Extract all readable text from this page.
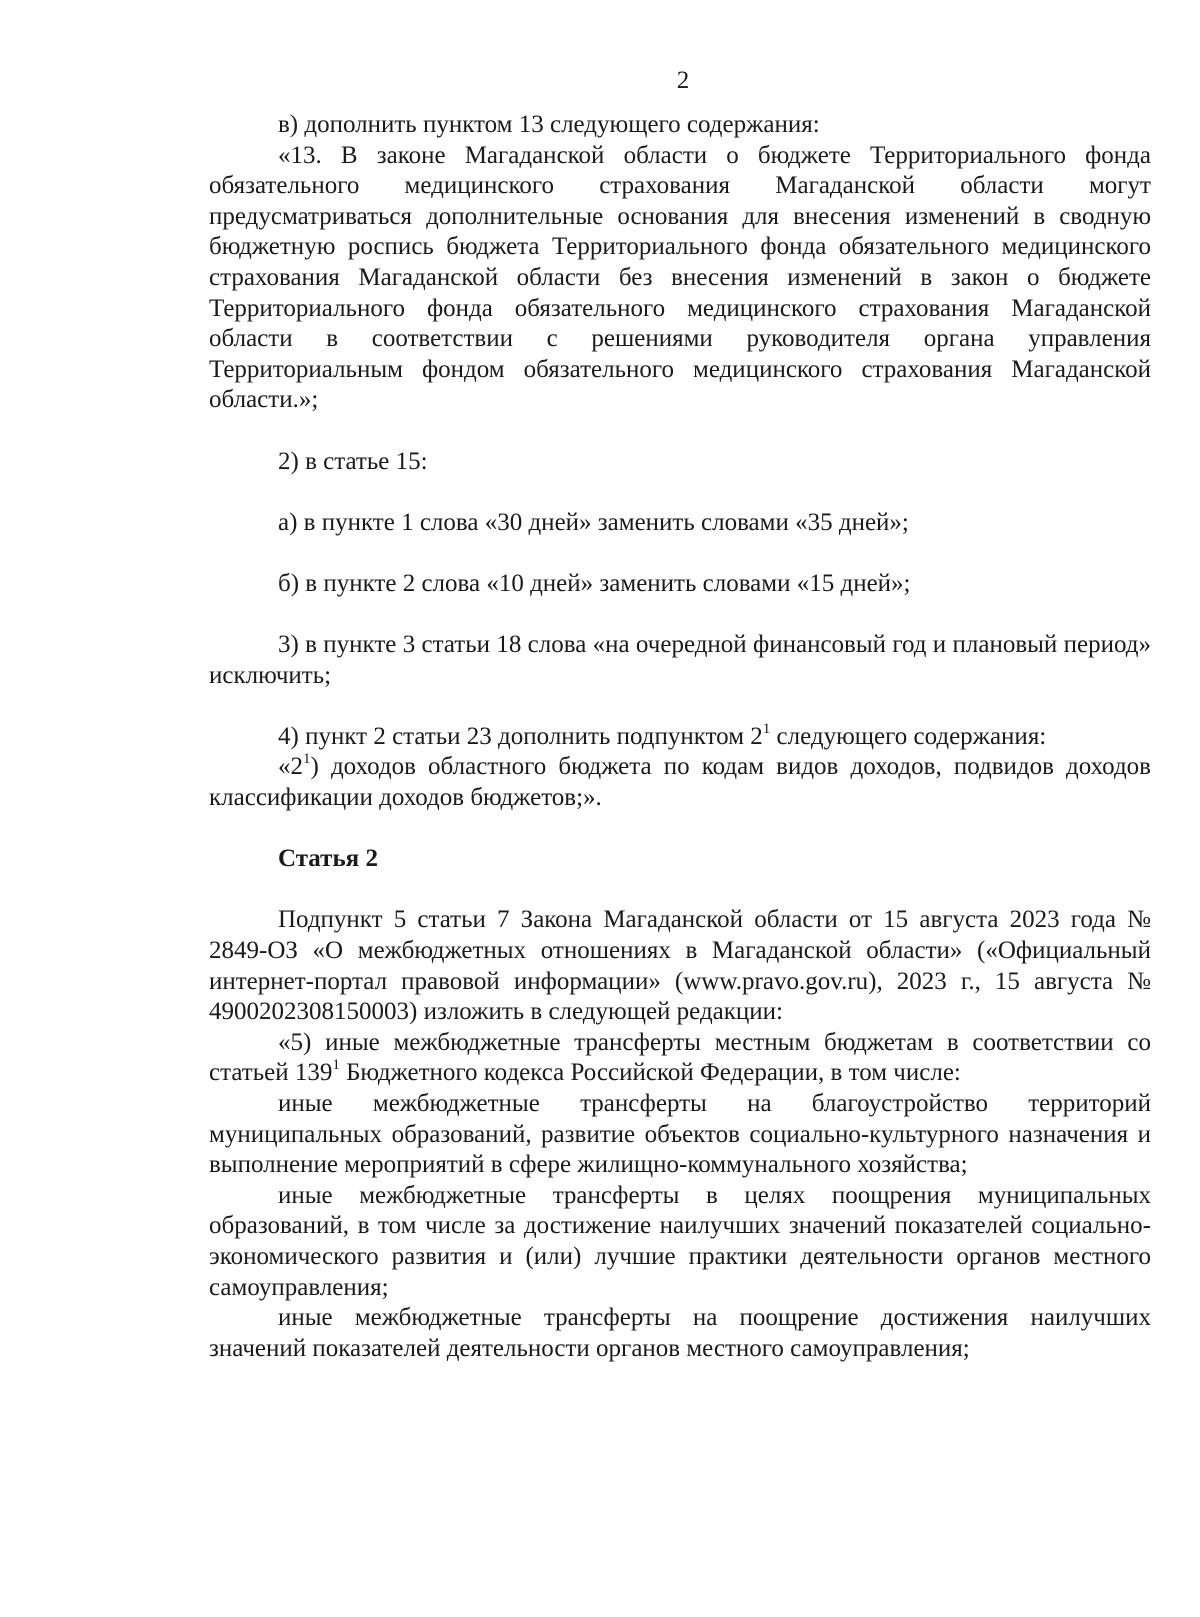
2

в) дополнить пунктом 13 следующего содержания:

«13. В законе Магаданской области о бюджете Территориального фонда обязательного медицинского страхования Магаданской области могут предусматриваться дополнительные основания для внесения изменений в сводную бюджетную роспись бюджета Территориального фонда обязательного медицинского страхования Магаданской области без внесения изменений в закон о бюджете Территориального фонда обязательного медицинского страхования Магаданской области в соответствии с решениями руководителя органа управления Территориальным фондом обязательного медицинского страхования Магаданской области.»;

2) в статье 15:

а) в пункте 1 слова «30 дней» заменить словами «35 дней»;

б) в пункте 2 слова «10 дней» заменить словами «15 дней»;

3) в пункте 3 статьи 18 слова «на очередной финансовый год и плановый период» исключить;

4) пункт 2 статьи 23 дополнить подпунктом $2^1$ следующего содержания:

«$2^1$) доходов областного бюджета по кодам видов доходов, подвидов доходов классификации доходов бюджетов;».

Статья 2

Подпункт 5 статьи 7 Закона Магаданской области от 15 августа 2023 года № 2849-ОЗ «О межбюджетных отношениях в Магаданской области» («Официальный интернет-портал правовой информации» (www.pravo.gov.ru), 2023 г., 15 августа № 4900202308150003) изложить в следующей редакции:

«5) иные межбюджетные трансферты местным бюджетам в соответствии со статьей $139^1$ Бюджетного кодекса Российской Федерации, в том числе:

иные межбюджетные трансферты на благоустройство территорий муниципальных образований, развитие объектов социально-культурного назначения и выполнение мероприятий в сфере жилищно-коммунального хозяйства;

иные межбюджетные трансферты в целях поощрения муниципальных образований, в том числе за достижение наилучших значений показателей социально-экономического развития и (или) лучшие практики деятельности органов местного самоуправления;

иные межбюджетные трансферты на поощрение достижения наилучших значений показателей деятельности органов местного самоуправления;
